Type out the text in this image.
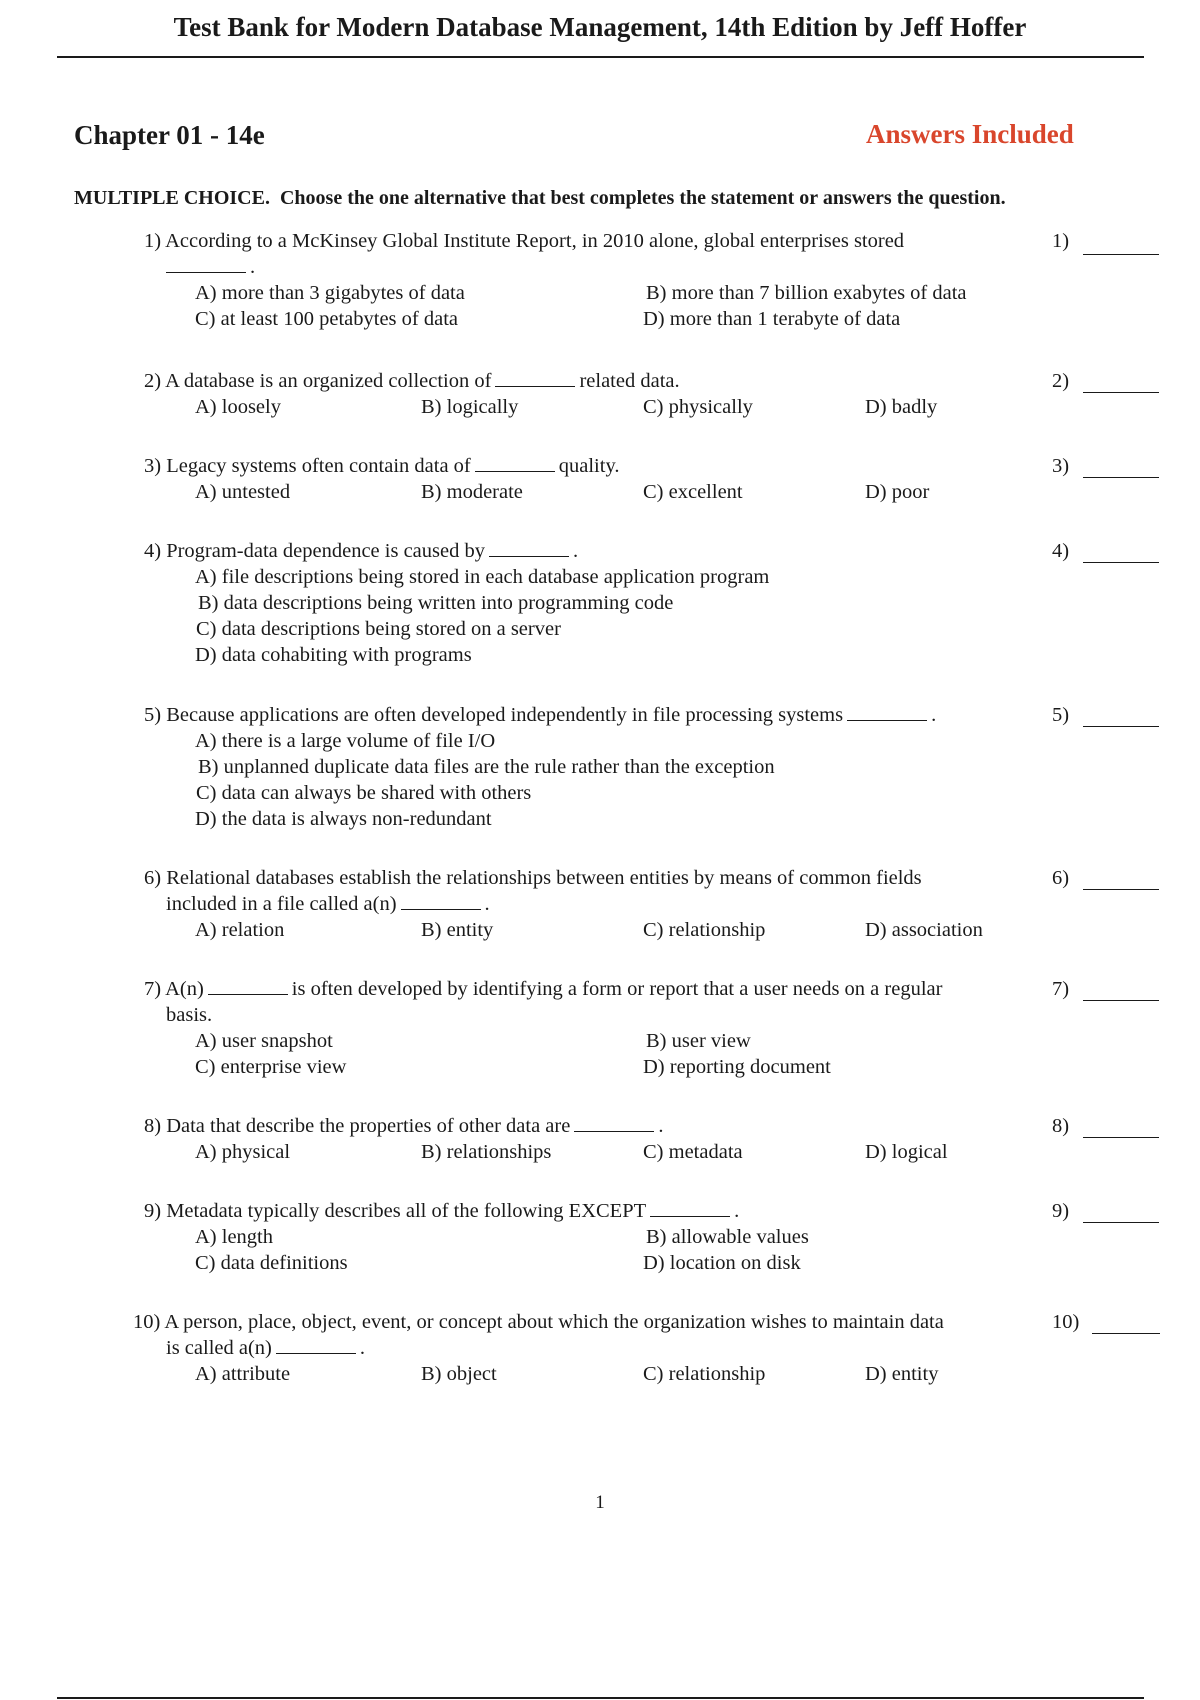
Test Bank for Modern Database Management, 14th Edition by Jeff Hoffer
Chapter 01 - 14e	Answers Included
MULTIPLE CHOICE. Choose the one alternative that best completes the statement or answers the question.
1) According to a McKinsey Global Institute Report, in 2010 alone, global enterprises stored
.
1)
A) more than 3 gigabytes of data	B) more than 7 billion exabytes of data
C) at least 100 petabytes of data	D) more than 1 terabyte of data
2) A database is an organized collection of	related data.	2)
A) loosely	B) logically	C) physically	D) badly
3) Legacy systems often contain data of	quality.	3)
A) untested	B) moderate	C) excellent	D) poor
4) Program-data dependence is caused by	.	4)
A) file descriptions being stored in each database application program
B) data descriptions being written into programming code
C) data descriptions being stored on a server
D) data cohabiting with programs
5) Because applications are often developed independently in file processing systems	.	5)
A) there is a large volume of file I/O
B) unplanned duplicate data files are the rule rather than the exception
C) data can always be shared with others
D) the data is always non-redundant
6) Relational databases establish the relationships between entities by means of common fields
included in a file called a(n)	.
6)
A) relation	B) entity	C) relationship	D) association
7) A(n)	is often developed by identifying a form or report that a user needs on a regular
basis.
7)
A) user snapshot	B) user view
C) enterprise view	D) reporting document
8) Data that describe the properties of other data are	.	8)
A) physical	B) relationships	C) metadata	D) logical
9) Metadata typically describes all of the following EXCEPT	.	9)
A) length	B) allowable values
C) data definitions	D) location on disk
10) A person, place, object, event, or concept about which the organization wishes to maintain data
is called a(n)	.
10)
A) attribute	B) object	C) relationship	D) entity
1
